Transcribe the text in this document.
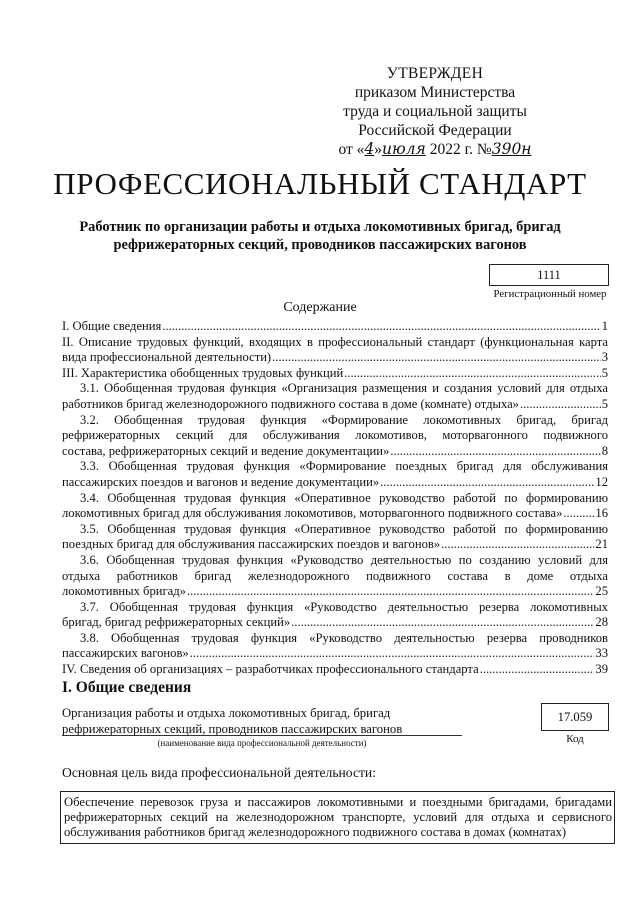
УТВЕРЖДЕН
приказом Министерства
труда и социальной защиты
Российской Федерации
от «4»июля 2022 г. №390н
ПРОФЕССИОНАЛЬНЫЙ СТАНДАРТ
Работник по организации работы и отдыха локомотивных бригад, бригад рефрижераторных секций, проводников пассажирских вагонов
1111
Регистрационный номер
Содержание
I. Общие сведения .....	1
II. Описание трудовых функций, входящих в профессиональный стандарт (функциональная карта
вида профессиональной деятельности) .....	3
III. Характеристика обобщенных трудовых функций .....	5
3.1. Обобщенная трудовая функция «Организация размещения и создания условий для отдыха
работников бригад железнодорожного подвижного состава в доме (комнате) отдыха» .....	5
3.2. Обобщенная трудовая функция «Формирование локомотивных бригад, бригад
рефрижераторных секций для обслуживания локомотивов, моторвагонного подвижного
состава, рефрижераторных секций и ведение документации» .....	8
3.3. Обобщенная трудовая функция «Формирование поездных бригад для обслуживания
пассажирских поездов и вагонов и ведение документации» .....	12
3.4. Обобщенная трудовая функция «Оперативное руководство работой по формированию
локомотивных бригад для обслуживания локомотивов, моторвагонного подвижного состава» .....	16
3.5. Обобщенная трудовая функция «Оперативное руководство работой по формированию
поездных бригад для обслуживания пассажирских поездов и вагонов» .....	21
3.6. Обобщенная трудовая функция «Руководство деятельностью по созданию условий для
отдыха работников бригад железнодорожного подвижного состава в доме отдыха
локомотивных бригад» .....	25
3.7. Обобщенная трудовая функция «Руководство деятельностью резерва локомотивных
бригад, бригад рефрижераторных секций» .....	28
3.8. Обобщенная трудовая функция «Руководство деятельностью резерва проводников
пассажирских вагонов» .....	33
IV. Сведения об организациях – разработчиках профессионального стандарта .....	39
I. Общие сведения
Организация работы и отдыха локомотивных бригад, бригад рефрижераторных секций, проводников пассажирских вагонов
(наименование вида профессиональной деятельности)
17.059
Код
Основная цель вида профессиональной деятельности:
Обеспечение перевозок груза и пассажиров локомотивными и поездными бригадами, бригадами рефрижераторных секций на железнодорожном транспорте, условий для отдыха и сервисного обслуживания работников бригад железнодорожного подвижного состава в домах (комнатах)
